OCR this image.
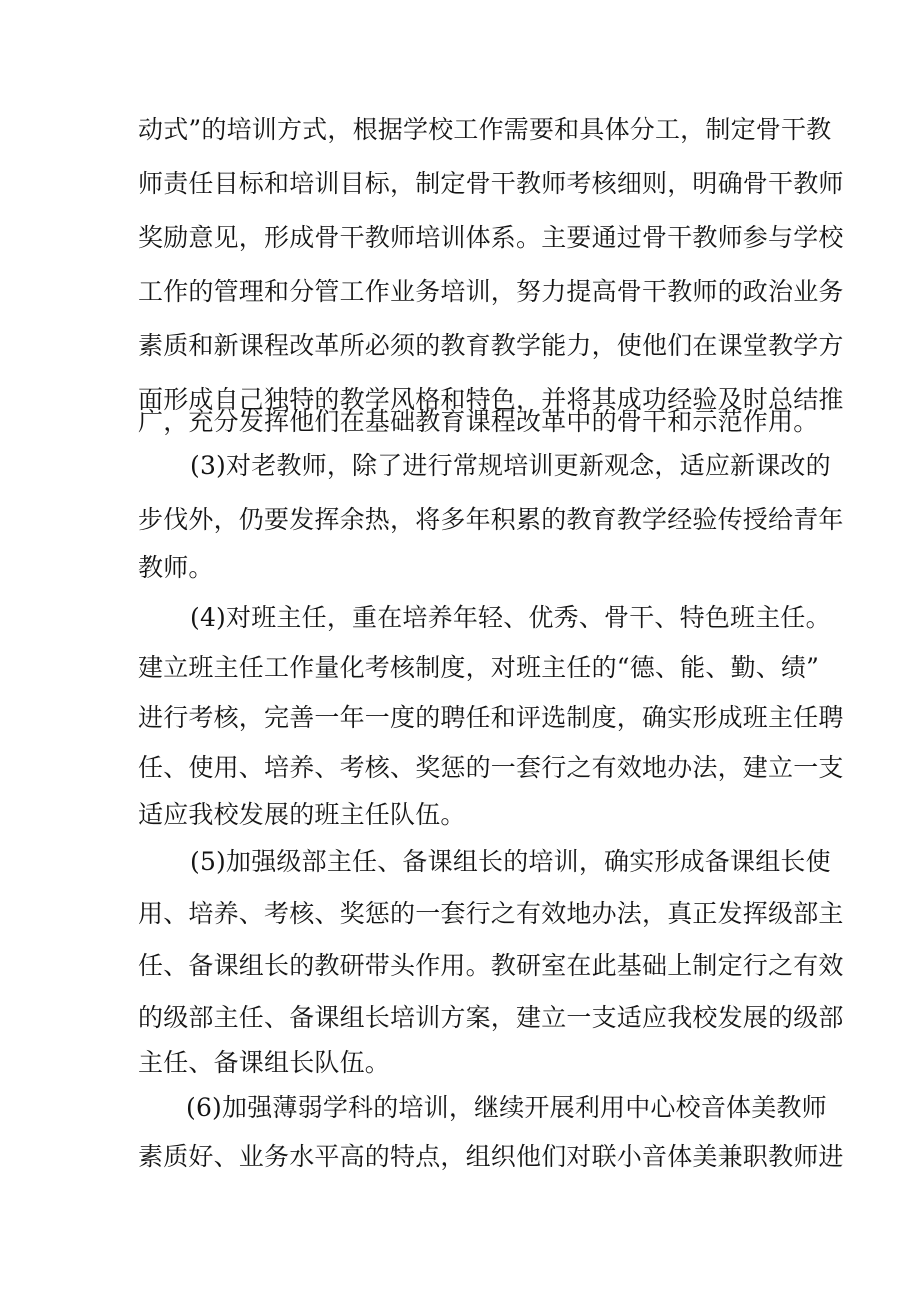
动式”的培训方式，根据学校工作需要和具体分工，制定骨干教
师责任目标和培训目标，制定骨干教师考核细则，明确骨干教师
奖励意见，形成骨干教师培训体系。主要通过骨干教师参与学校
工作的管理和分管工作业务培训，努力提高骨干教师的政治业务
素质和新课程改革所必须的教育教学能力，使他们在课堂教学方
面形成自己独特的教学风格和特色，并将其成功经验及时总结推
广，充分发挥他们在基础教育课程改革中的骨干和示范作用。
(3)对老教师，除了进行常规培训更新观念，适应新课改的
步伐外，仍要发挥余热，将多年积累的教育教学经验传授给青年
教师。
(4)对班主任，重在培养年轻、优秀、骨干、特色班主任。
建立班主任工作量化考核制度，对班主任的“德、能、勤、绩”
进行考核，完善一年一度的聘任和评选制度，确实形成班主任聘
任、使用、培养、考核、奖惩的一套行之有效地办法，建立一支
适应我校发展的班主任队伍。
(5)加强级部主任、备课组长的培训，确实形成备课组长使
用、培养、考核、奖惩的一套行之有效地办法，真正发挥级部主
任、备课组长的教研带头作用。教研室在此基础上制定行之有效
的级部主任、备课组长培训方案，建立一支适应我校发展的级部
主任、备课组长队伍。
(6)加强薄弱学科的培训，继续开展利用中心校音体美教师
素质好、业务水平高的特点，组织他们对联小音体美兼职教师进
